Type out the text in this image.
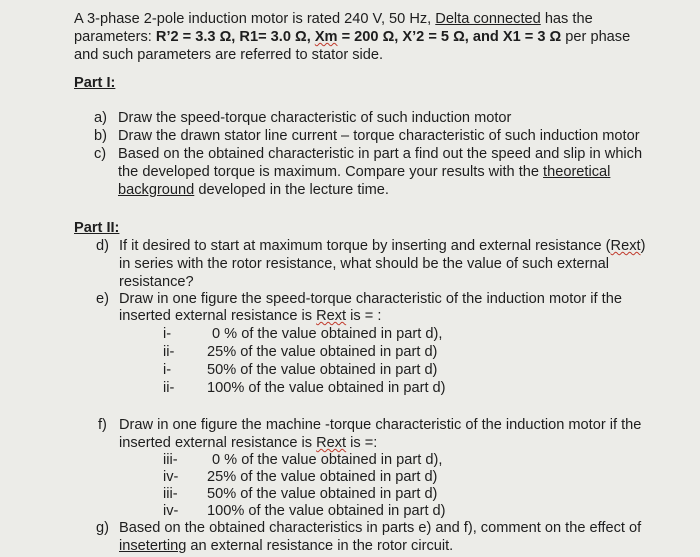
A 3-phase 2-pole induction motor is rated 240 V, 50 Hz, Delta connected has the
parameters: R’2 = 3.3 Ω, R1= 3.0 Ω, Xm = 200 Ω, X’2 = 5 Ω, and X1 = 3 Ω per phase
and such parameters are referred to stator side.
Part I:
a) Draw the speed-torque characteristic of such induction motor
b) Draw the drawn stator line current – torque characteristic of such induction motor
c) Based on the obtained characteristic in part a find out the speed and slip in which
the developed torque is maximum. Compare your results with the theoretical
background developed in the lecture time.
Part II:
d) If it desired to start at maximum torque by inserting and external resistance (Rext)
in series with the rotor resistance, what should be the value of such external
resistance?
e) Draw in one figure the speed-torque characteristic of the induction motor if the
inserted external resistance is Rext is = :
i-	0 % of the value obtained in part d),
ii- 25% of the value obtained in part d)
i- 50% of the value obtained in part d)
ii- 100% of the value obtained in part d)
f) Draw in one figure the machine -torque characteristic of the induction motor if the
inserted external resistance is Rext is =:
iii- 0 % of the value obtained in part d),
iv- 25% of the value obtained in part d)
iii- 50% of the value obtained in part d)
iv- 100% of the value obtained in part d)
g) Based on the obtained characteristics in parts e) and f), comment on the effect of
inseterting an external resistance in the rotor circuit.
